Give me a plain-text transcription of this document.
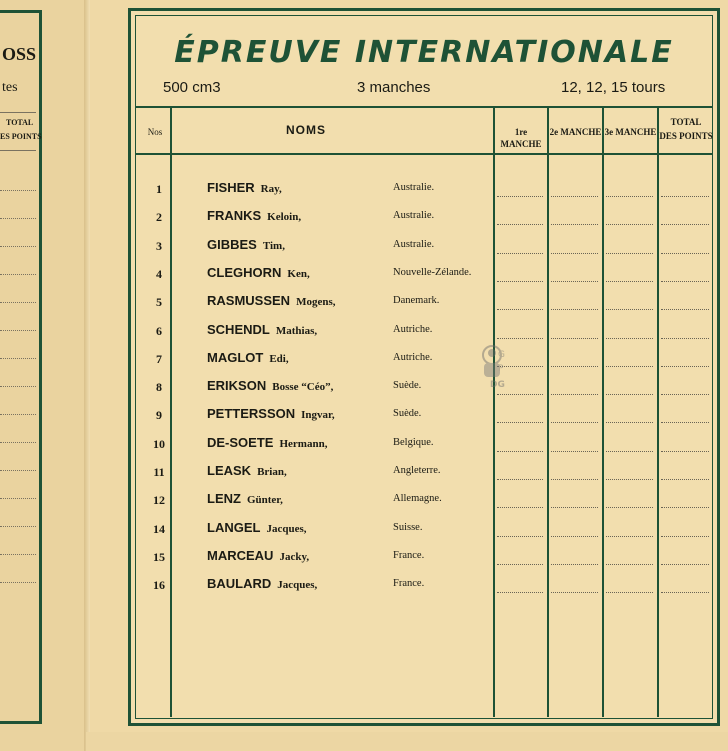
OSS
tes
TOTAL
ES POINTS
ÉPREUVE INTERNATIONALE
500 cm3	3 manches	12, 12, 15 tours
Nos	NOMS	1re MANCHE
2e MANCHE 3e MANCHE
TOTAL
DES POINTS
1	FISHER Ray,	Australie.
2	FRANKS Keloin,	Australie.
3	GIBBES Tim,	Australie.
4	CLEGHORN Ken,	Nouvelle-Zélande.
5	RASMUSSEN Mogens,	Danemark.
6	SCHENDL Mathias,	Autriche.
7	MAGLOT Edi,	Autriche.
8	ERIKSON Bosse “Céo”,	Suède.
9	PETTERSSON Ingvar,	Suède.
10	DE-SOETE Hermann,	Belgique.
11	LEASK Brian,	Angleterre.
12	LENZ Günter,	Allemagne.
14	LANGEL Jacques,	Suisse.
15	MARCEAU Jacky,	France.
16	BAULARD Jacques,	France.
G
P
DG
